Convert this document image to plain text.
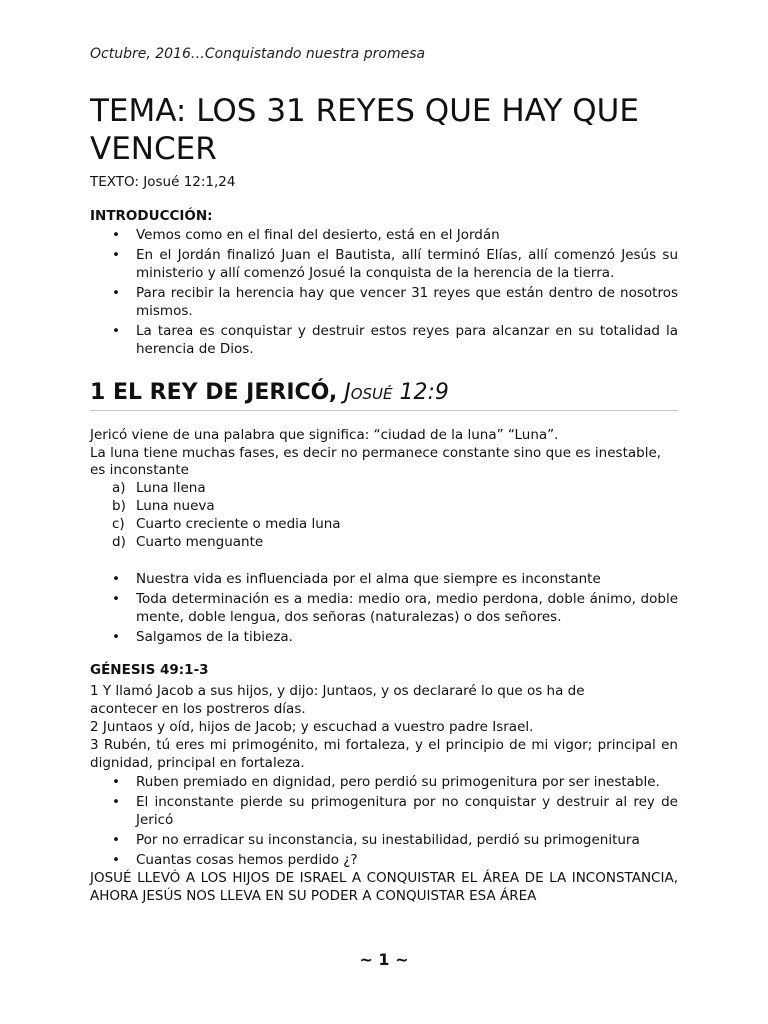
Octubre, 2016…Conquistando nuestra promesa
TEMA: LOS 31 REYES QUE HAY QUE VENCER
TEXTO: Josué 12:1,24
INTRODUCCIÓN:
• Vemos como en el final del desierto, está en el Jordán
• En el Jordán finalizó Juan el Bautista, allí terminó Elías, allí comenzó Jesús su ministerio y allí comenzó Josué la conquista de la herencia de la tierra.
• Para recibir la herencia hay que vencer 31 reyes que están dentro de nosotros mismos.
• La tarea es conquistar y destruir estos reyes para alcanzar en su totalidad la herencia de Dios.
1 EL REY DE JERICÓ, Josué 12:9
Jericó viene de una palabra que significa: “ciudad de la luna” “Luna”.
La luna tiene muchas fases, es decir no permanece constante sino que es inestable,
es inconstante
a) Luna llena
b) Luna nueva
c) Cuarto creciente o media luna
d) Cuarto menguante
• Nuestra vida es influenciada por el alma que siempre es inconstante
• Toda determinación es a media: medio ora, medio perdona, doble ánimo, doble mente, doble lengua, dos señoras (naturalezas) o dos señores.
• Salgamos de la tibieza.
GÉNESIS 49:1-3
1 Y llamó Jacob a sus hijos, y dijo: Juntaos, y os declararé lo que os ha de
acontecer en los postreros días.
2 Juntaos y oíd, hijos de Jacob; y escuchad a vuestro padre Israel.
3 Rubén, tú eres mi primogénito, mi fortaleza, y el principio de mi vigor; principal en dignidad, principal en fortaleza.
• Ruben premiado en dignidad, pero perdió su primogenitura por ser inestable.
• El inconstante pierde su primogenitura por no conquistar y destruir al rey de Jericó
• Por no erradicar su inconstancia, su inestabilidad, perdió su primogenitura
• Cuantas cosas hemos perdido ¿?
JOSUÉ LLEVÓ A LOS HIJOS DE ISRAEL A CONQUISTAR EL ÁREA DE LA INCONSTANCIA, AHORA JESÚS NOS LLEVA EN SU PODER A CONQUISTAR ESA ÁREA
~ 1 ~
